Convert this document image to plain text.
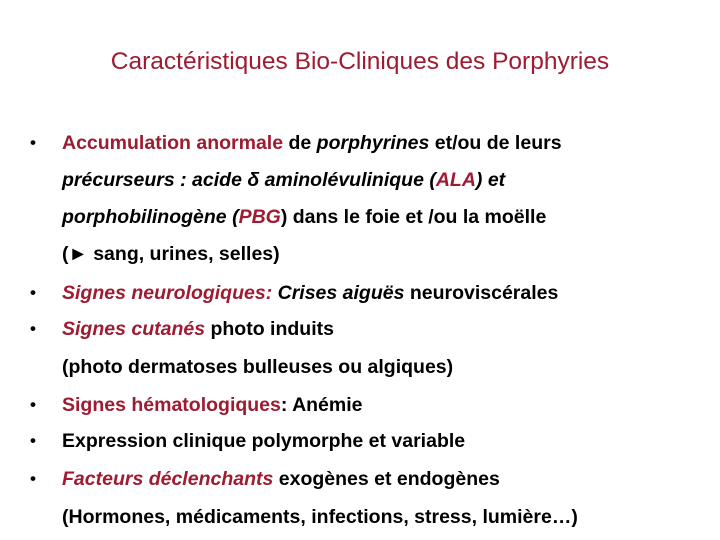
Caractéristiques Bio-Cliniques des Porphyries
• Accumulation anormale de porphyrines et/ou de leurs
précurseurs : acide δ aminolévulinique (ALA) et
porphobilinogène (PBG) dans le foie et /ou la moëlle
(► sang, urines, selles)
• Signes neurologiques: Crises aiguës neuroviscérales
• Signes cutanés photo induits
(photo dermatoses bulleuses ou algiques)
• Signes hématologiques: Anémie
• Expression clinique polymorphe et variable
• Facteurs déclenchants exogènes et endogènes
(Hormones, médicaments, infections, stress, lumière…)
